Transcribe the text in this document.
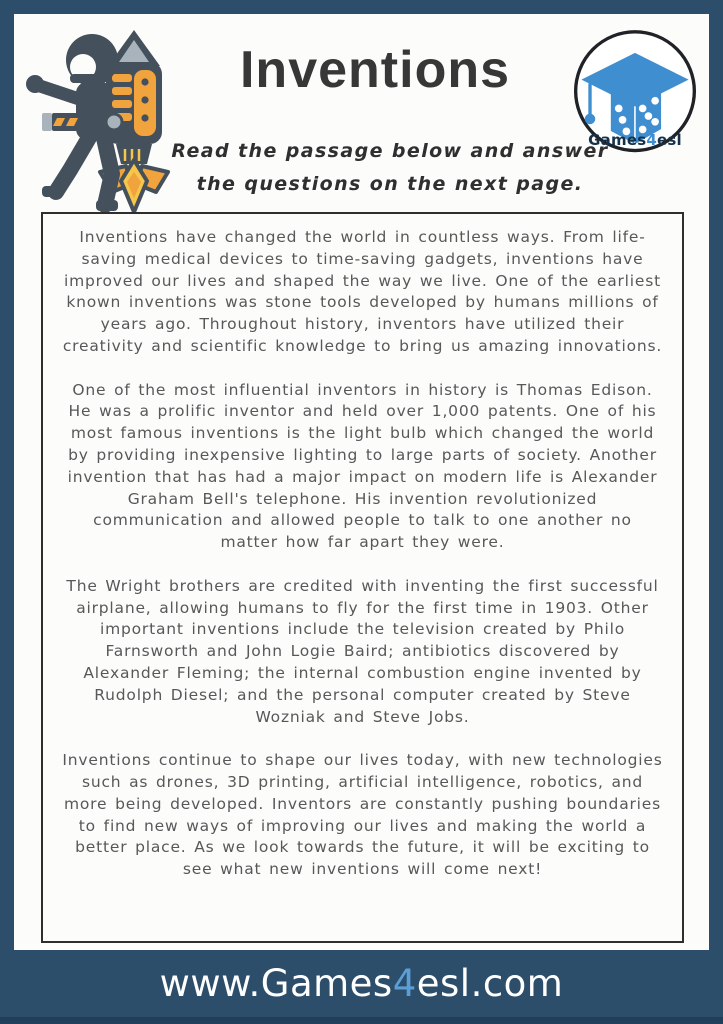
Inventions
Games4esl

Read the passage below and answer the questions on the next page.

Inventions have changed the world in countless ways. From life-saving medical devices to time-saving gadgets, inventions have improved our lives and shaped the way we live. One of the earliest known inventions was stone tools developed by humans millions of years ago. Throughout history, inventors have utilized their creativity and scientific knowledge to bring us amazing innovations.

One of the most influential inventors in history is Thomas Edison. He was a prolific inventor and held over 1,000 patents. One of his most famous inventions is the light bulb which changed the world by providing inexpensive lighting to large parts of society. Another invention that has had a major impact on modern life is Alexander Graham Bell's telephone. His invention revolutionized communication and allowed people to talk to one another no matter how far apart they were.

The Wright brothers are credited with inventing the first successful airplane, allowing humans to fly for the first time in 1903. Other important inventions include the television created by Philo Farnsworth and John Logie Baird; antibiotics discovered by Alexander Fleming; the internal combustion engine invented by Rudolph Diesel; and the personal computer created by Steve Wozniak and Steve Jobs.

Inventions continue to shape our lives today, with new technologies such as drones, 3D printing, artificial intelligence, robotics, and more being developed. Inventors are constantly pushing boundaries to find new ways of improving our lives and making the world a better place. As we look towards the future, it will be exciting to see what new inventions will come next!

www.Games4esl.com
